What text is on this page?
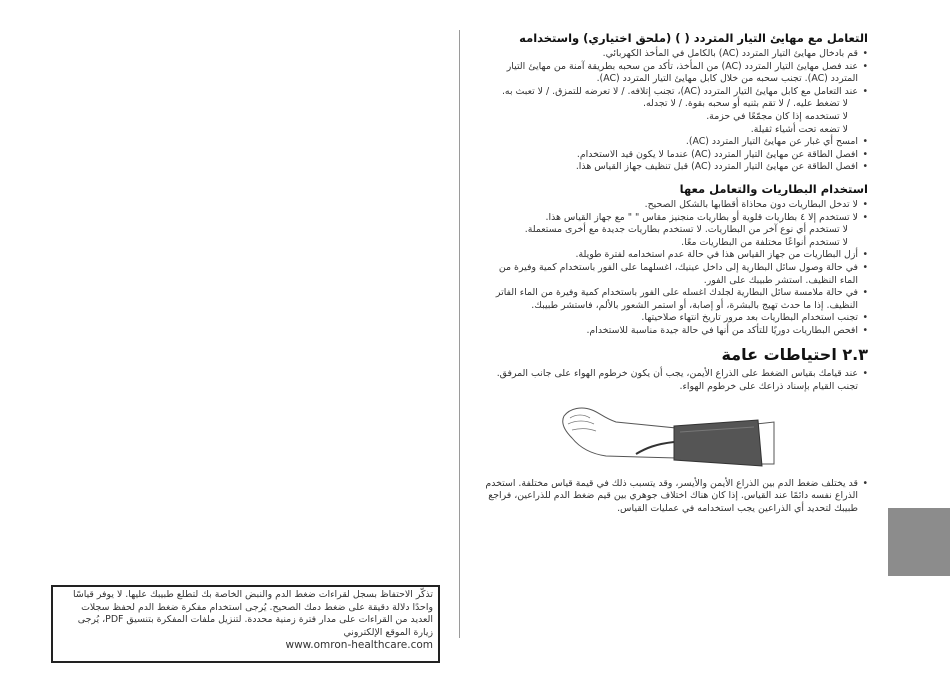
التعامل مع مهايئ التيار المتردد ( ) (ملحق اختياري) واستخدامه
• قم بادخال مهايئ التيار المتردد (AC) بالكامل في المأخذ الكهربائي.
• عند فصل مهايئ التيار المتردد (AC) من المأخذ، تأكد من سحبه بطريقة آمنة من مهايئ التيار المتردد (AC). تجنب سحبه من خلال كابل مهايئ التيار المتردد (AC).
• عند التعامل مع كابل مهايئ التيار المتردد (AC)، تجنب إتلافه. / لا تعرضه للتمزق. / لا تعبث به.
لا تضغط عليه. / لا تقم بثنيه أو سحبه بقوة. / لا تجدله.
لا تستخدمه إذا كان مجمّعًا في حزمة.
لا تضعه تحت أشياء ثقيلة.
• امسح أي غبار عن مهايئ التيار المتردد (AC).
• افصل الطاقة عن مهايئ التيار المتردد (AC) عندما لا يكون قيد الاستخدام.
• افصل الطاقة عن مهايئ التيار المتردد (AC) قبل تنظيف جهاز القياس هذا.
استخدام البطاريات والتعامل معها
• لا تدخل البطاريات دون محاذاة أقطابها بالشكل الصحيح.
• لا تستخدم إلا ٤ بطاريات قلوية أو بطاريات منجنيز مقاس " " مع جهاز القياس هذا.
لا تستخدم أي نوع آخر من البطاريات. لا تستخدم بطاريات جديدة مع أخرى مستعملة.
لا تستخدم أنواعًا مختلفة من البطاريات معًا.
• أزل البطاريات من جهاز القياس هذا في حالة عدم استخدامه لفترة طويلة.
• في حالة وصول سائل البطارية إلى داخل عينيك، اغسلهما على الفور باستخدام كمية وفيرة من الماء النظيف. استشر طبيبك على الفور.
• في حالة ملامسة سائل البطارية لجلدك اغسله على الفور باستخدام كمية وفيرة من الماء الفاتر النظيف. إذا ما حدث تهيج بالبشرة، أو إصابة، أو استمر الشعور بالألم، فاستشر طبيبك.
• تجنب استخدام البطاريات بعد مرور تاريخ انتهاء صلاحيتها.
• افحص البطاريات دوريًا للتأكد من أنها في حالة جيدة مناسبة للاستخدام.
٢.٣ احتياطات عامة
• عند قيامك بقياس الضغط على الذراع الأيمن، يجب أن يكون خرطوم الهواء على جانب المرفق. تجنب القيام بإسناد ذراعك على خرطوم الهواء.
• قد يختلف ضغط الدم بين الذراع الأيمن والأيسر، وقد يتسبب ذلك في قيمة قياس مختلفة. استخدم الذراع نفسه دائمًا عند القياس. إذا كان هناك اختلاف جوهري بين قيم ضغط الدم للذراعين، فراجع طبيبك لتحديد أي الذراعين يجب استخدامه في عمليات القياس.
تذكّر الاحتفاظ بسجل لقراءات ضغط الدم والنبض الخاصة بك لتطلع طبيبك عليها. لا يوفر قياسًا واحدًا دلالة دقيقة على ضغط دمك الصحيح. يُرجى استخدام مفكرة ضغط الدم لحفظ سجلات العديد من القراءات على مدار فترة زمنية محددة. لتنزيل ملفات المفكرة بتنسيق PDF، يُرجى زيارة الموقع الإلكتروني
www.omron-healthcare.com
